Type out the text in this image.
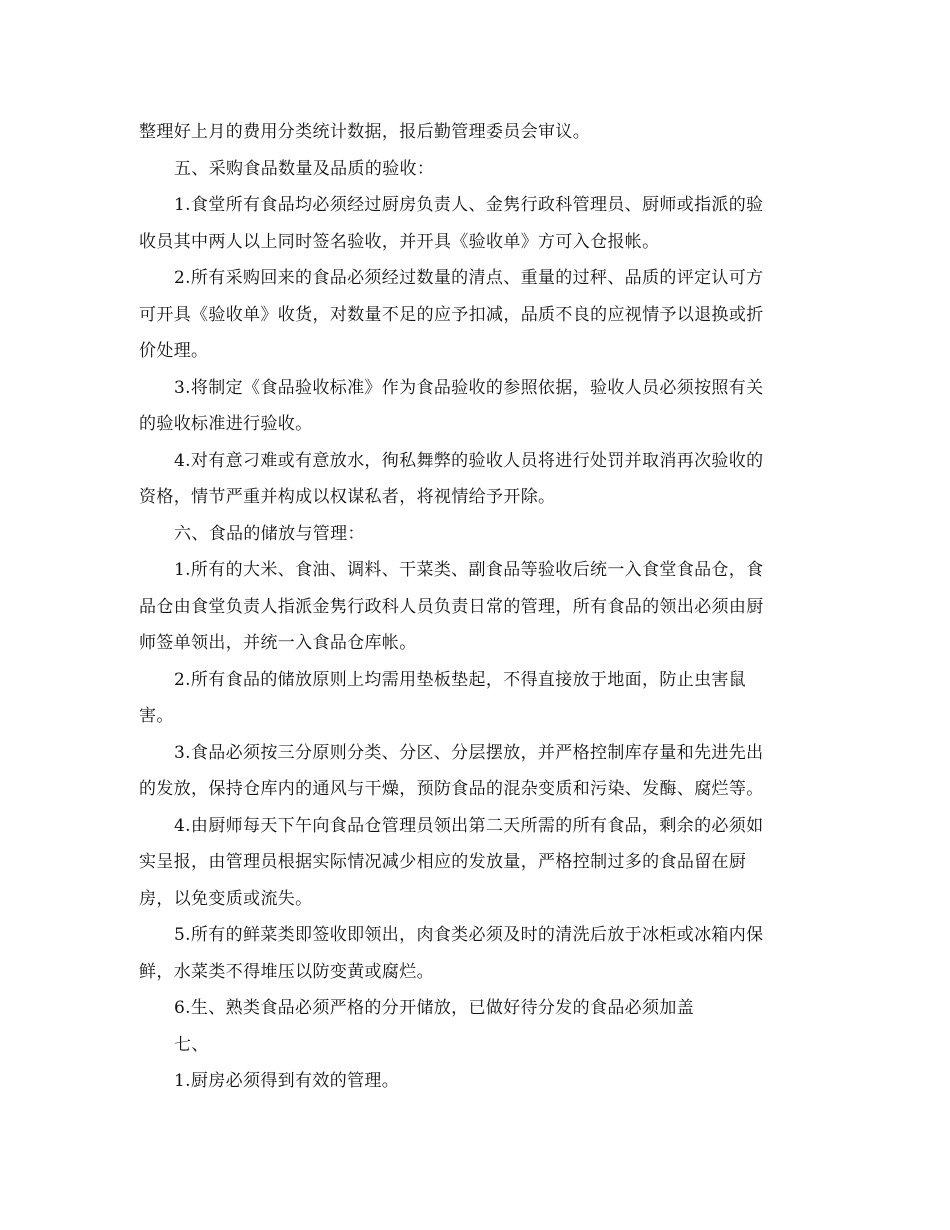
整理好上月的费用分类统计数据，报后勤管理委员会审议。
五、采购食品数量及品质的验收：
1.食堂所有食品均必须经过厨房负责人、金隽行政科管理员、厨师或指派的验
收员其中两人以上同时签名验收，并开具《验收单》方可入仓报帐。
2.所有采购回来的食品必须经过数量的清点、重量的过秤、品质的评定认可方
可开具《验收单》收货，对数量不足的应予扣减，品质不良的应视情予以退换或折
价处理。
3.将制定《食品验收标准》作为食品验收的参照依据，验收人员必须按照有关
的验收标准进行验收。
4.对有意刁难或有意放水，徇私舞弊的验收人员将进行处罚并取消再次验收的
资格，情节严重并构成以权谋私者，将视情给予开除。
六、食品的储放与管理：
1.所有的大米、食油、调料、干菜类、副食品等验收后统一入食堂食品仓，食
品仓由食堂负责人指派金隽行政科人员负责日常的管理，所有食品的领出必须由厨
师签单领出，并统一入食品仓库帐。
2.所有食品的储放原则上均需用垫板垫起，不得直接放于地面，防止虫害鼠
害。
3.食品必须按三分原则分类、分区、分层摆放，并严格控制库存量和先进先出
的发放，保持仓库内的通风与干燥，预防食品的混杂变质和污染、发酶、腐烂等。
4.由厨师每天下午向食品仓管理员领出第二天所需的所有食品，剩余的必须如
实呈报，由管理员根据实际情况减少相应的发放量，严格控制过多的食品留在厨
房，以免变质或流失。
5.所有的鲜菜类即签收即领出，肉食类必须及时的清洗后放于冰柜或冰箱内保
鲜，水菜类不得堆压以防变黄或腐烂。
6.生、熟类食品必须严格的分开储放，已做好待分发的食品必须加盖
七、
1.厨房必须得到有效的管理。
